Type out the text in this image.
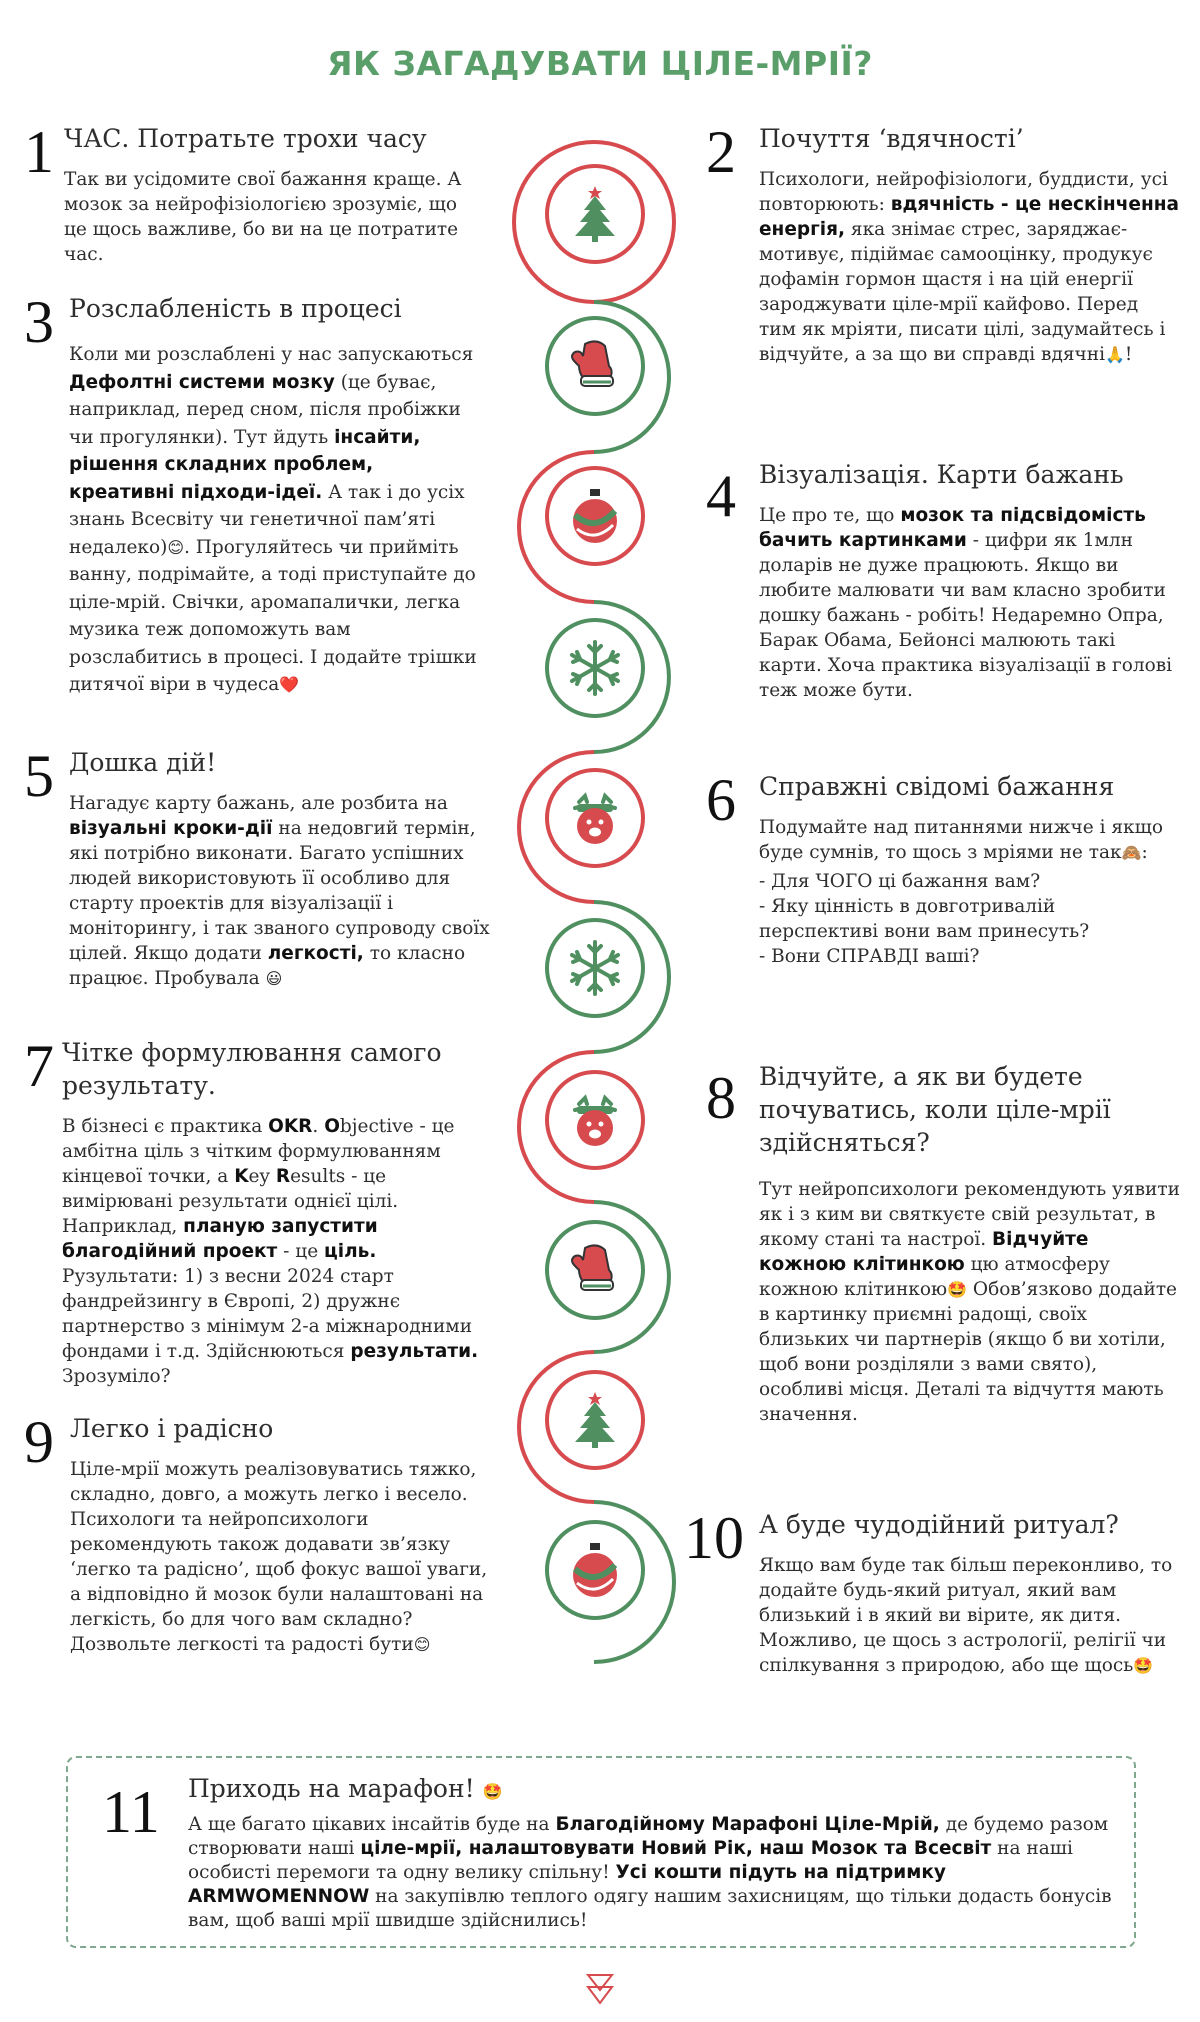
ЯК ЗАГАДУВАТИ ЦІЛЕ-МРІЇ?
1 ЧАС. Потратьте трохи часу
Так ви усідомите свої бажання краще. А мозок за нейрофізіологією зрозуміє, що це щось важливе, бо ви на це потратите час.
3 Розслабленість в процесі
Коли ми розслаблені у нас запускаються Дефолтні системи мозку (це буває, наприклад, перед сном, після пробіжки чи прогулянки). Тут йдуть інсайти, рішення складних проблем, креативні підходи-ідеї. А так і до усіх знань Всесвіту чи генетичної пам’яті недалеко)😊. Прогуляйтесь чи прийміть ванну, подрімайте, а тоді приступайте до ціле-мрій. Свічки, аромапалички, легка музика теж допоможуть вам розслабитись в процесі. І додайте трішки дитячої віри в чудеса❤️
5 Дошка дій!
Нагадує карту бажань, але розбита на візуальні кроки-дії на недовгий термін, які потрібно виконати. Багато успішних людей використовують її особливо для старту проектів для візуалізації і моніторингу, і так званого супроводу своїх цілей. Якщо додати легкості, то класно працює. Пробувала 😃
7 Чітке формулювання самого результату.
В бізнесі є практика OKR. Objective - це амбітна ціль з чітким формулюванням кінцевої точки, а Key Results - це вимірювані результати однієї цілі. Наприклад, планую запустити благодійний проект - це ціль. Рузультати: 1) з весни 2024 старт фандрейзингу в Європі, 2) дружнє партнерство з мінімум 2-а міжнародними фондами і т.д. Здійснюються результати. Зрозуміло?
9 Легко і радісно
Ціле-мрії можуть реалізовуватись тяжко, складно, довго, а можуть легко і весело. Психологи та нейропсихологи рекомендують також додавати зв’язку ‘легко та радісно’, щоб фокус вашої уваги, а відповідно й мозок були налаштовані на легкість, бо для чого вам складно? Дозвольте легкості та радості бути😊
2 Почуття ‘вдячності’
Психологи, нейрофізіологи, буддисти, усі повторюють: вдячність - це нескінченна енергія, яка знімає стрес, заряджає-мотивує, підіймає самооцінку, продукує дофамін гормон щастя і на цій енергії зароджувати ціле-мрії кайфово. Перед тим як мріяти, писати цілі, задумайтесь і відчуйте, а за що ви справді вдячні🙏!
4 Візуалізація. Карти бажань
Це про те, що мозок та підсвідомість бачить картинками - цифри як 1млн доларів не дуже працюють. Якщо ви любите малювати чи вам класно зробити дошку бажань - робіть! Недаремно Опра, Барак Обама, Бейонсі малюють такі карти. Хоча практика візуалізації в голові теж може бути.
6 Справжні свідомі бажання
Подумайте над питаннями нижче і якщо буде сумнів, то щось з мріями не так🙈:
- Для ЧОГО ці бажання вам?
- Яку цінність в довготривалій перспективі вони вам принесуть?
- Вони СПРАВДІ ваші?
8 Відчуйте, а як ви будете почуватись, коли ціле-мрії здійсняться?
Тут нейропсихологи рекомендують уявити як і з ким ви святкуєте свій результат, в якому стані та настрої. Відчуйте кожною клітинкою цю атмосферу кожною клітинкою🤩 Обов’язково додайте в картинку приємні радощі, своїх близьких чи партнерів (якщо б ви хотіли, щоб вони розділяли з вами свято), особливі місця. Деталі та відчуття мають значення.
10 А буде чудодійний ритуал?
Якщо вам буде так більш переконливо, то додайте будь-який ритуал, який вам близький і в який ви вірите, як дитя. Можливо, це щось з астрології, релігії чи спілкування з природою, або ще щось🤩
11 Приходь на марафон! 🤩
А ще багато цікавих інсайтів буде на Благодійному Марафоні Ціле-Мрій, де будемо разом створювати наші ціле-мрії, налаштовувати Новий Рік, наш Мозок та Всесвіт на наші особисті перемоги та одну велику спільну! Усі кошти підуть на підтримку ARMWOMENNOW на закупівлю теплого одягу нашим захисницям, що тільки додасть бонусів вам, щоб ваші мрії швидше здійснились!
